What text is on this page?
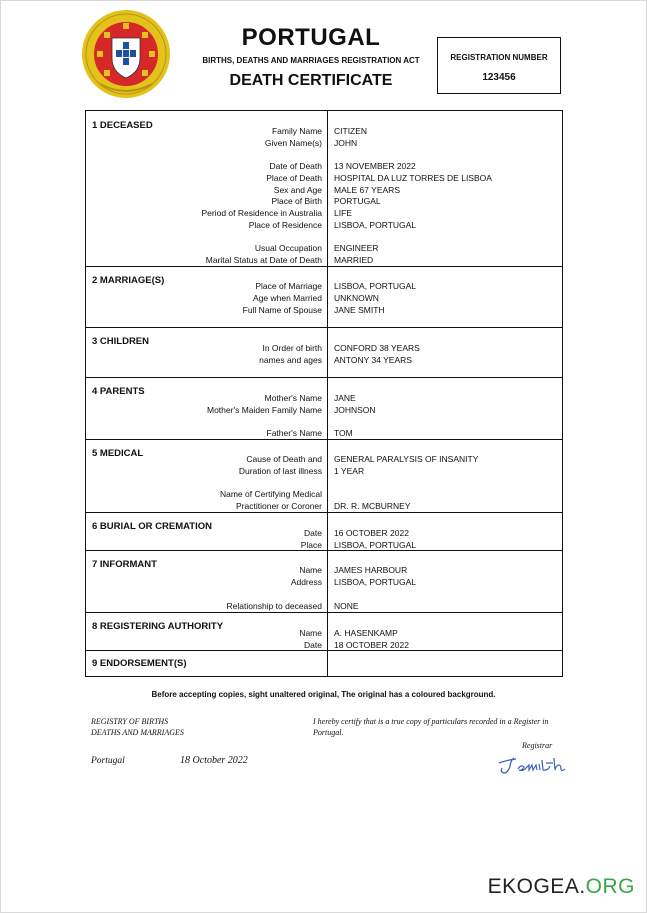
PORTUGAL
BIRTHS, DEATHS AND MARRIAGES REGISTRATION ACT
DEATH CERTIFICATE
REGISTRATION NUMBER
123456
1 DECEASED	Family Name CITIZEN
Given Name(s) JOHN
Date of Death 13 NOVEMBER 2022
Place of Death HOSPITAL DA LUZ TORRES DE LISBOA
Sex and Age MALE 67 YEARS
Place of Birth PORTUGAL
Period of Residence in Australia LIFE
Place of Residence LISBOA, PORTUGAL
Usual Occupation ENGINEER
Marital Status at Date of Death MARRIED
2 MARRIAGE(S)	Place of Marriage LISBOA, PORTUGAL
Age when Married UNKNOWN
Full Name of Spouse JANE SMITH
3 CHILDREN
In Order of birth CONFORD 38 YEARS
names and ages ANTONY 34 YEARS
4 PARENTS
Mother's Name JANE
Mother's Maiden Family Name JOHNSON
Father's Name TOM
5 MEDICAL	Cause of Death and GENERAL PARALYSIS OF INSANITY
Duration of last illness 1 YEAR
Name of Certifying Medical
Practitioner or Coroner DR. R. MCBURNEY
6 BURIAL OR CREMATION
Date 16 OCTOBER 2022
Place LISBOA, PORTUGAL
7 INFORMANT	Name JAMES HARBOUR
Address LISBOA, PORTUGAL
Relationship to deceased NONE
8 REGISTERING AUTHORITY
Name A. HASENKAMP
Date 18 OCTOBER 2022
9 ENDORSEMENT(S)
Before accepting copies, sight unaltered original, The original has a coloured background.
REGISTRY OF BIRTHS
DEATHS AND MARRIAGES
I hereby certify that is a true copy of particulars recorded in a Register in Portugal.
Registrar
Portugal	18 October 2022
EKOGEA.ORG
